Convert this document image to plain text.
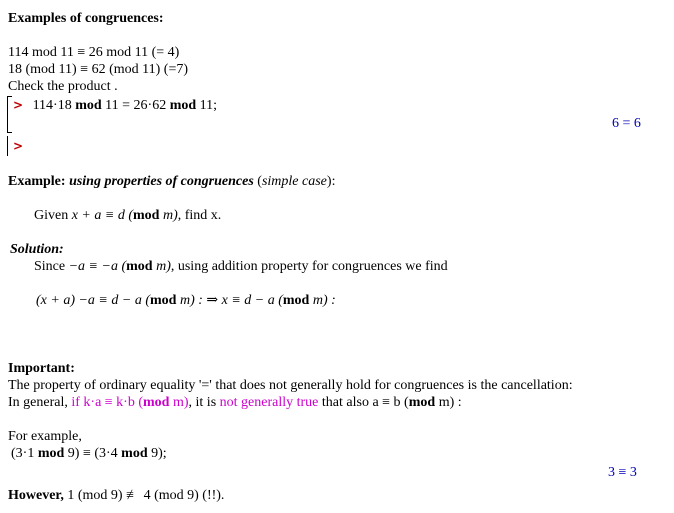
Examples of congruences:
114 mod 11 ≡ 26 mod 11 (= 4)
18 (mod 11) ≡ 62 (mod 11) (=7)
Check the product .
> 114·18 mod 11 = 26·62 mod 11;
6 = 6
>
Example: using properties of congruences (simple case):
Given x + a ≡ d (mod m), find x.
Solution:
Since −a ≡ −a (mod m), using addition property for congruences we find
(x + a) −a ≡ d − a (mod m) : ⇒ x ≡ d − a (mod m) :
Important:
The property of ordinary equality '=' that does not generally hold for congruences is the cancellation:
In general, if k·a ≡ k·b (mod m), it is not generally true that also a ≡ b (mod m) :
For example,
(3·1 mod 9) ≡ (3·4 mod 9);
3 ≡ 3
However, 1 (mod 9) ≢ 4 (mod 9) (!!).
